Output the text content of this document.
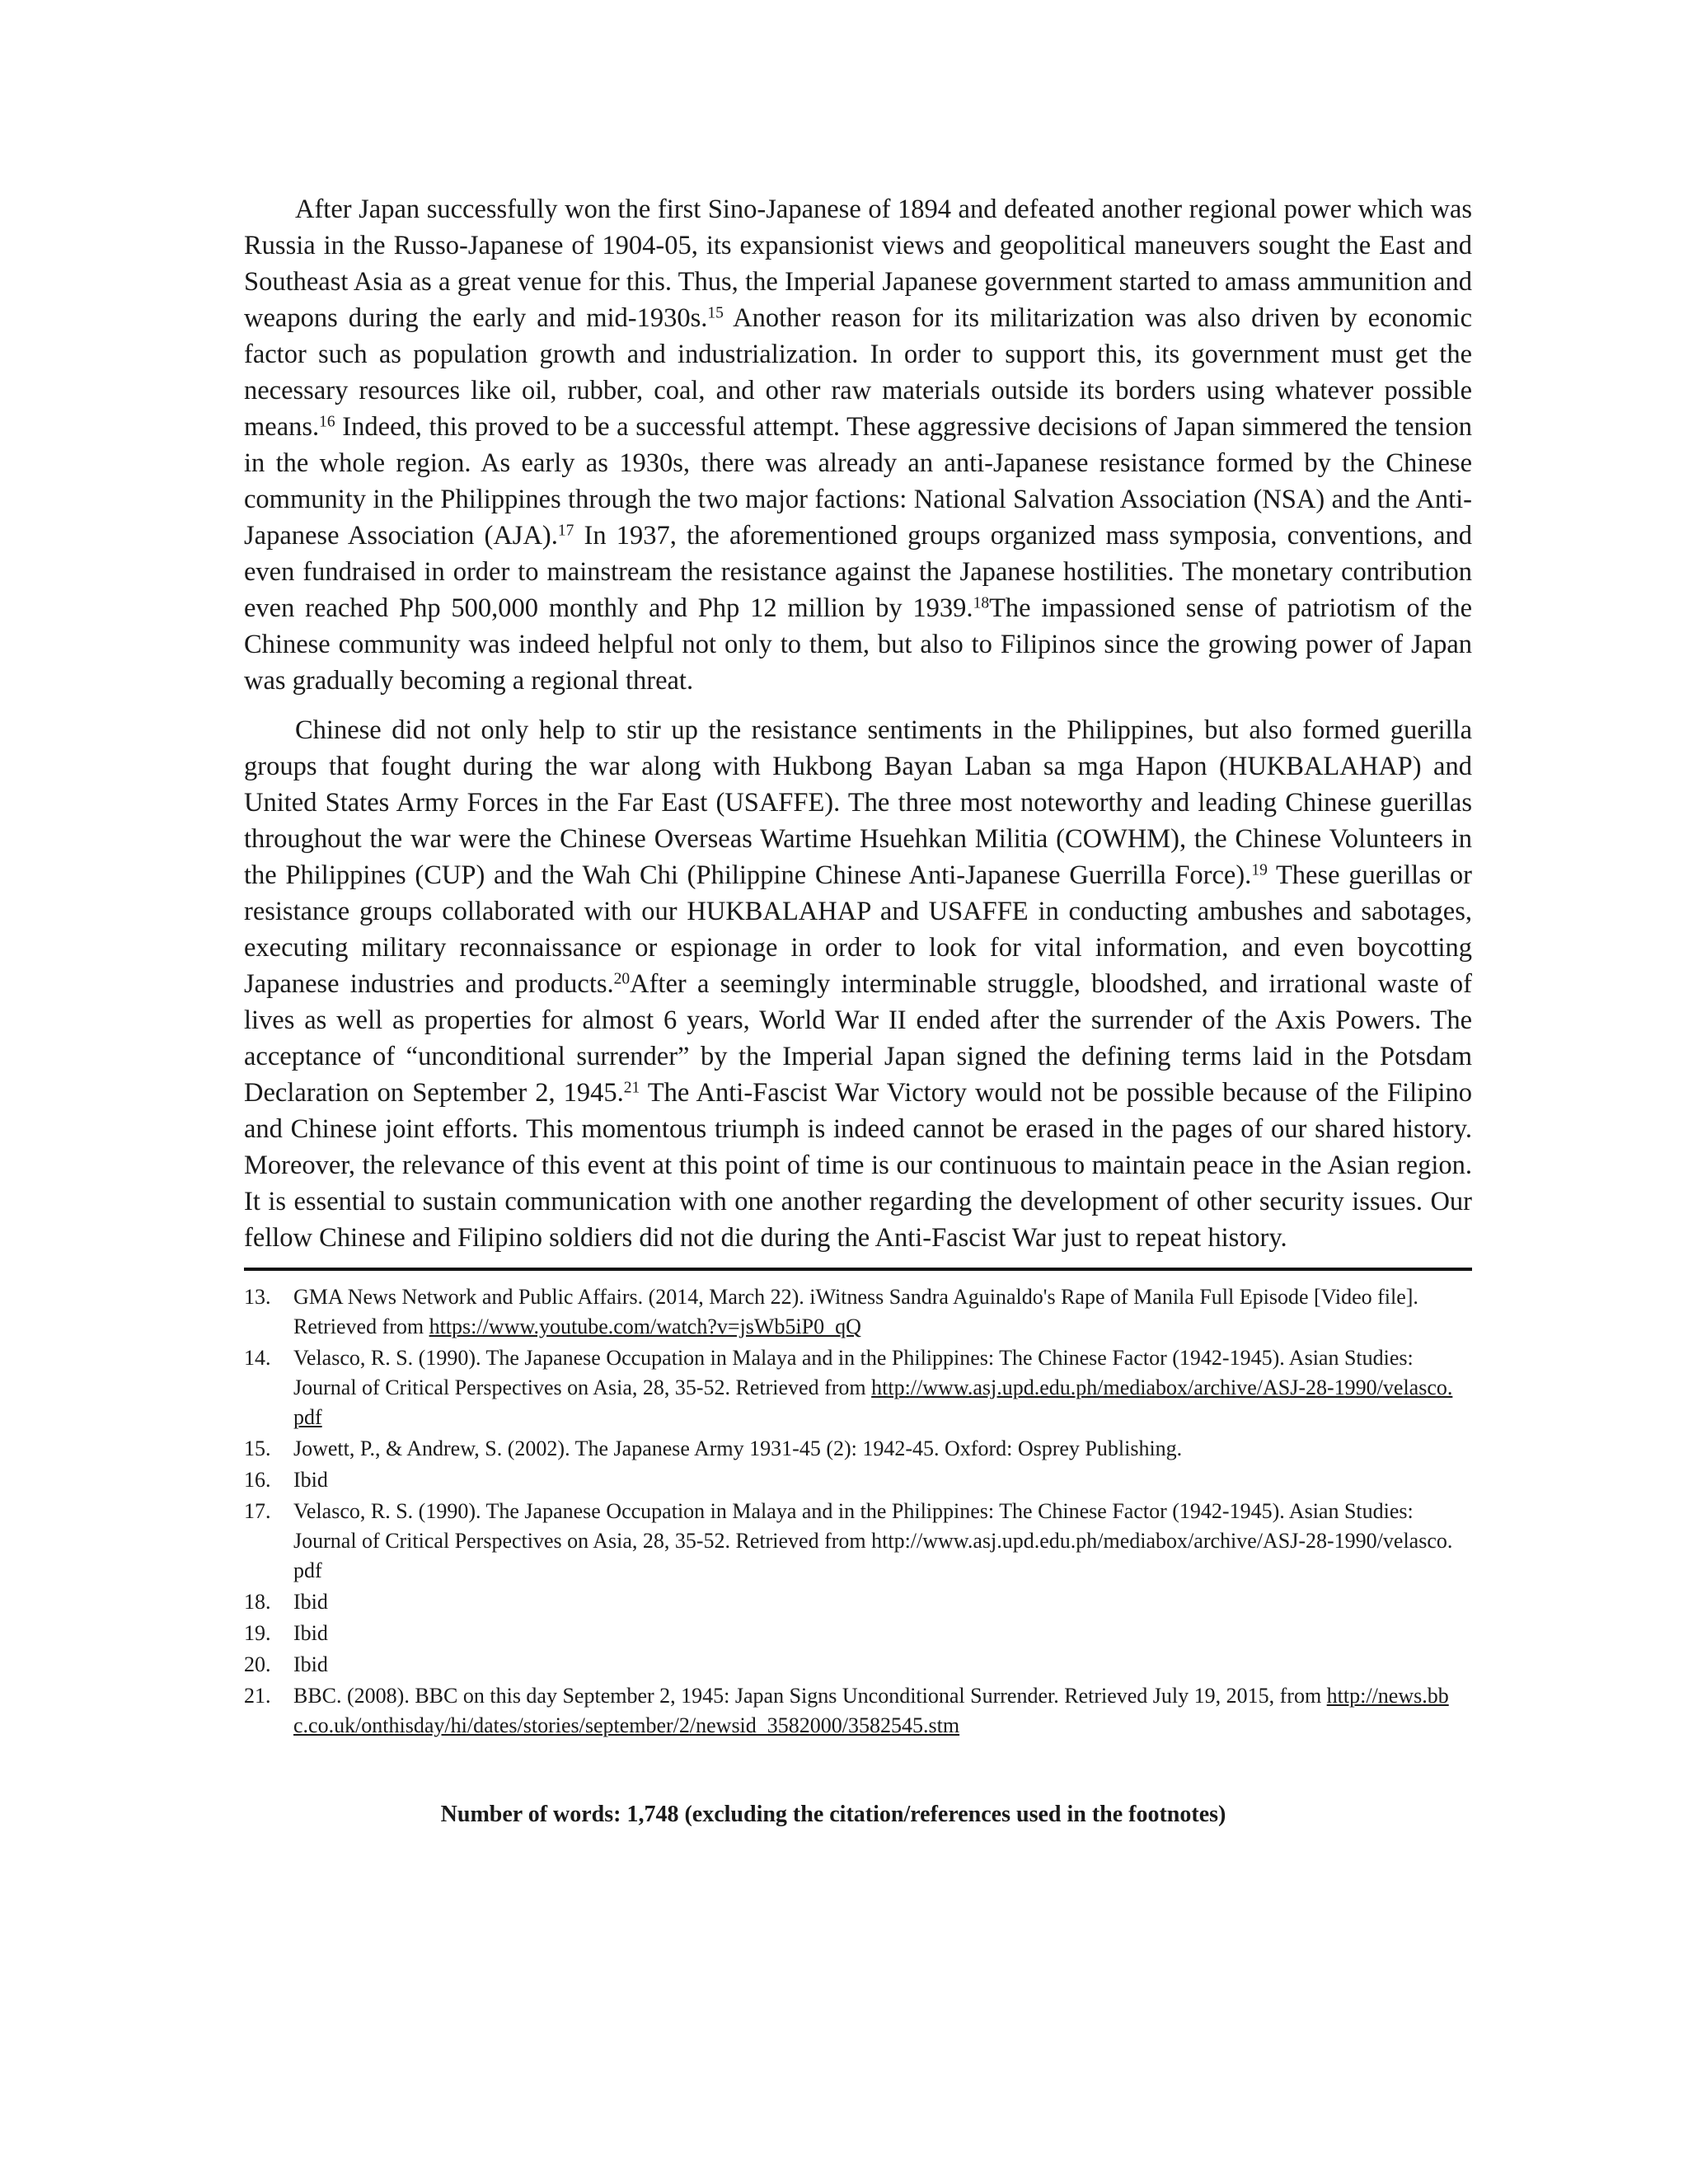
After Japan successfully won the first Sino-Japanese of 1894 and defeated another regional power which was Russia in the Russo-Japanese of 1904-05, its expansionist views and geopolitical maneuvers sought the East and Southeast Asia as a great venue for this. Thus, the Imperial Japanese government started to amass ammunition and weapons during the early and mid-1930s.$^{15}$ Another reason for its militarization was also driven by economic factor such as population growth and industrialization. In order to support this, its government must get the necessary resources like oil, rubber, coal, and other raw materials outside its borders using whatever possible means.$^{16}$ Indeed, this proved to be a successful attempt. These aggressive decisions of Japan simmered the tension in the whole region. As early as 1930s, there was already an anti-Japanese resistance formed by the Chinese community in the Philippines through the two major factions: National Salvation Association (NSA) and the Anti-Japanese Association (AJA).$^{17}$ In 1937, the aforementioned groups organized mass symposia, conventions, and even fundraised in order to mainstream the resistance against the Japanese hostilities. The monetary contribution even reached Php 500,000 monthly and Php 12 million by 1939.18The impassioned sense of patriotism of the Chinese community was indeed helpful not only to them, but also to Filipinos since the growing power of Japan was gradually becoming a regional threat.

Chinese did not only help to stir up the resistance sentiments in the Philippines, but also formed guerilla groups that fought during the war along with Hukbong Bayan Laban sa mga Hapon (HUKBALAHAP) and United States Army Forces in the Far East (USAFFE). The three most noteworthy and leading Chinese guerillas throughout the war were the Chinese Overseas Wartime Hsuehkan Militia (COWHM), the Chinese Volunteers in the Philippines (CUP) and the Wah Chi (Philippine Chinese Anti-Japanese Guerrilla Force).$^{19}$ These guerillas or resistance groups collaborated with our HUKBALAHAP and USAFFE in conducting ambushes and sabotages, executing military reconnaissance or espionage in order to look for vital information, and even boycotting Japanese industries and products.$^{20}$After a seemingly interminable struggle, bloodshed, and irrational waste of lives as well as properties for almost 6 years, World War II ended after the surrender of the Axis Powers. The acceptance of “unconditional surrender” by the Imperial Japan signed the defining terms laid in the Potsdam Declaration on September 2, 1945.21 The Anti-Fascist War Victory would not be possible because of the Filipino and Chinese joint efforts. This momentous triumph is indeed cannot be erased in the pages of our shared history. Moreover, the relevance of this event at this point of time is our continuous to maintain peace in the Asian region. It is essential to sustain communication with one another regarding the development of other security issues. Our fellow Chinese and Filipino soldiers did not die during the Anti-Fascist War just to repeat history.

13.	GMA News Network and Public Affairs. (2014, March 22). iWitness Sandra Aguinaldo's Rape of Manila Full Episode [Video file]. Retrieved from https://www.youtube.com/watch?v=jsWb5iP0_qQ
14.	Velasco, R. S. (1990). The Japanese Occupation in Malaya and in the Philippines: The Chinese Factor (1942-1945). Asian Studies: Journal of Critical Perspectives on Asia, 28, 35-52. Retrieved from http://www.asj.upd.edu.ph/mediabox/archive/ASJ-28-1990/velasco.pdf
15.	Jowett, P., & Andrew, S. (2002). The Japanese Army 1931-45 (2): 1942-45. Oxford: Osprey Publishing.
16.	Ibid
17.	Velasco, R. S. (1990). The Japanese Occupation in Malaya and in the Philippines: The Chinese Factor (1942-1945). Asian Studies: Journal of Critical Perspectives on Asia, 28, 35-52. Retrieved from http://www.asj.upd.edu.ph/mediabox/archive/ASJ-28-1990/velasco.pdf
18.	Ibid
19.	Ibid
20.	Ibid
21.	BBC. (2008). BBC on this day September 2, 1945: Japan Signs Unconditional Surrender. Retrieved July 19, 2015, from http://news.bbc.co.uk/onthisday/hi/dates/stories/september/2/newsid_3582000/3582545.stm
Number of words: 1,748 (excluding the citation/references used in the footnotes)
